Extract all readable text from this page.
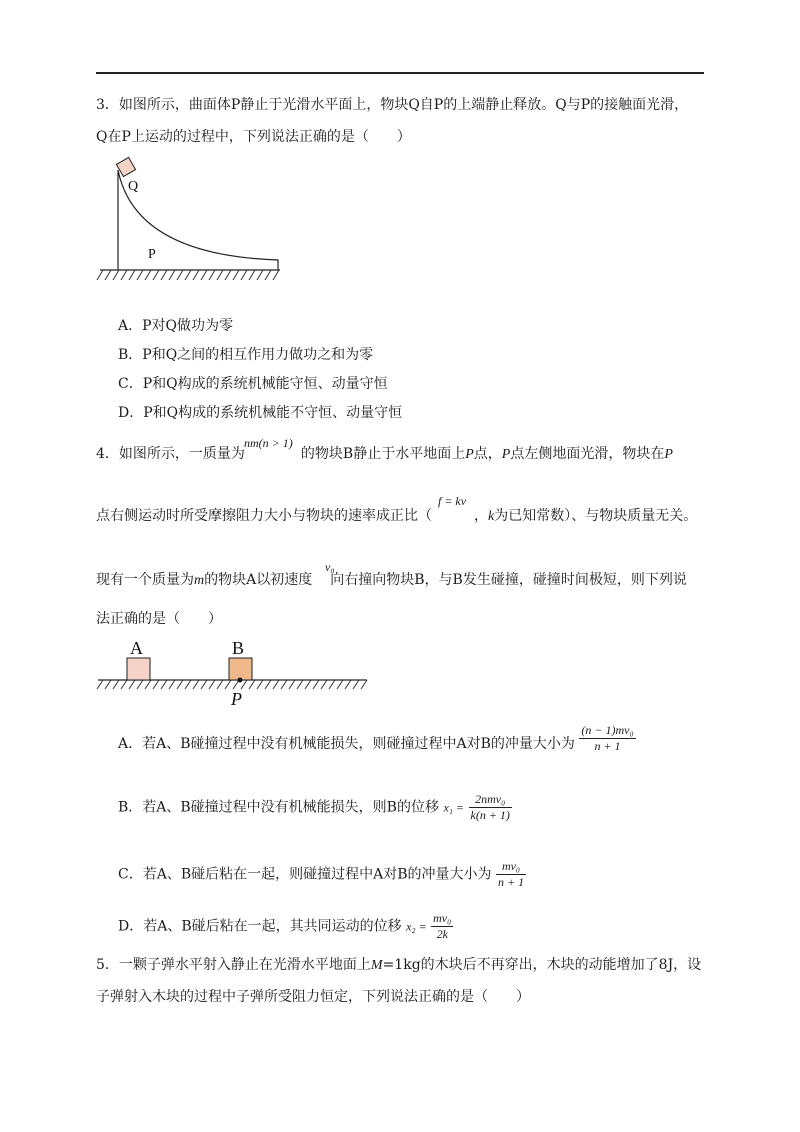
3．如图所示，曲面体P静止于光滑水平面上，物块Q自P的上端静止释放。Q与P的接触面光滑，
Q在P上运动的过程中，下列说法正确的是（　　）
Q
P
A．P对Q做功为零
B．P和Q之间的相互作用力做功之和为零
C．P和Q构成的系统机械能守恒、动量守恒
D．P和Q构成的系统机械能不守恒、动量守恒
nm(n > 1)
4．如图所示，一质量为	的物块B静止于水平地面上P点，P点左侧地面光滑，物块在P
f = kv
点右侧运动时所受摩擦阻力大小与物块的速率成正比（	，k为已知常数）、与物块质量无关。
v₀
现有一个质量为m的物块A以初速度 向右撞向物块B，与B发生碰撞，碰撞时间极短，则下列说
法正确的是（　　）
A	B
P
A．若A、B碰撞过程中没有机械能损失，则碰撞过程中A对B的冲量大小为 $\frac{\text{(n − 1)mv₀}}{n + 1}$
B．若A、B碰撞过程中没有机械能损失，则B的位移 $x_1 = \frac{\text{2nmv₀}}{k(n + 1)}$
C．若A、B碰后粘在一起，则碰撞过程中A对B的冲量大小为 $\frac{\text{mv₀}}{n + 1}$
D．若A、B碰后粘在一起，其共同运动的位移 $x_2 = \frac{\text{mv₀}}{2k}$
5．一颗子弹水平射入静止在光滑水平地面上M=1kg的木块后不再穿出，木块的动能增加了8J，设
子弹射入木块的过程中子弹所受阻力恒定，下列说法正确的是（　　）
